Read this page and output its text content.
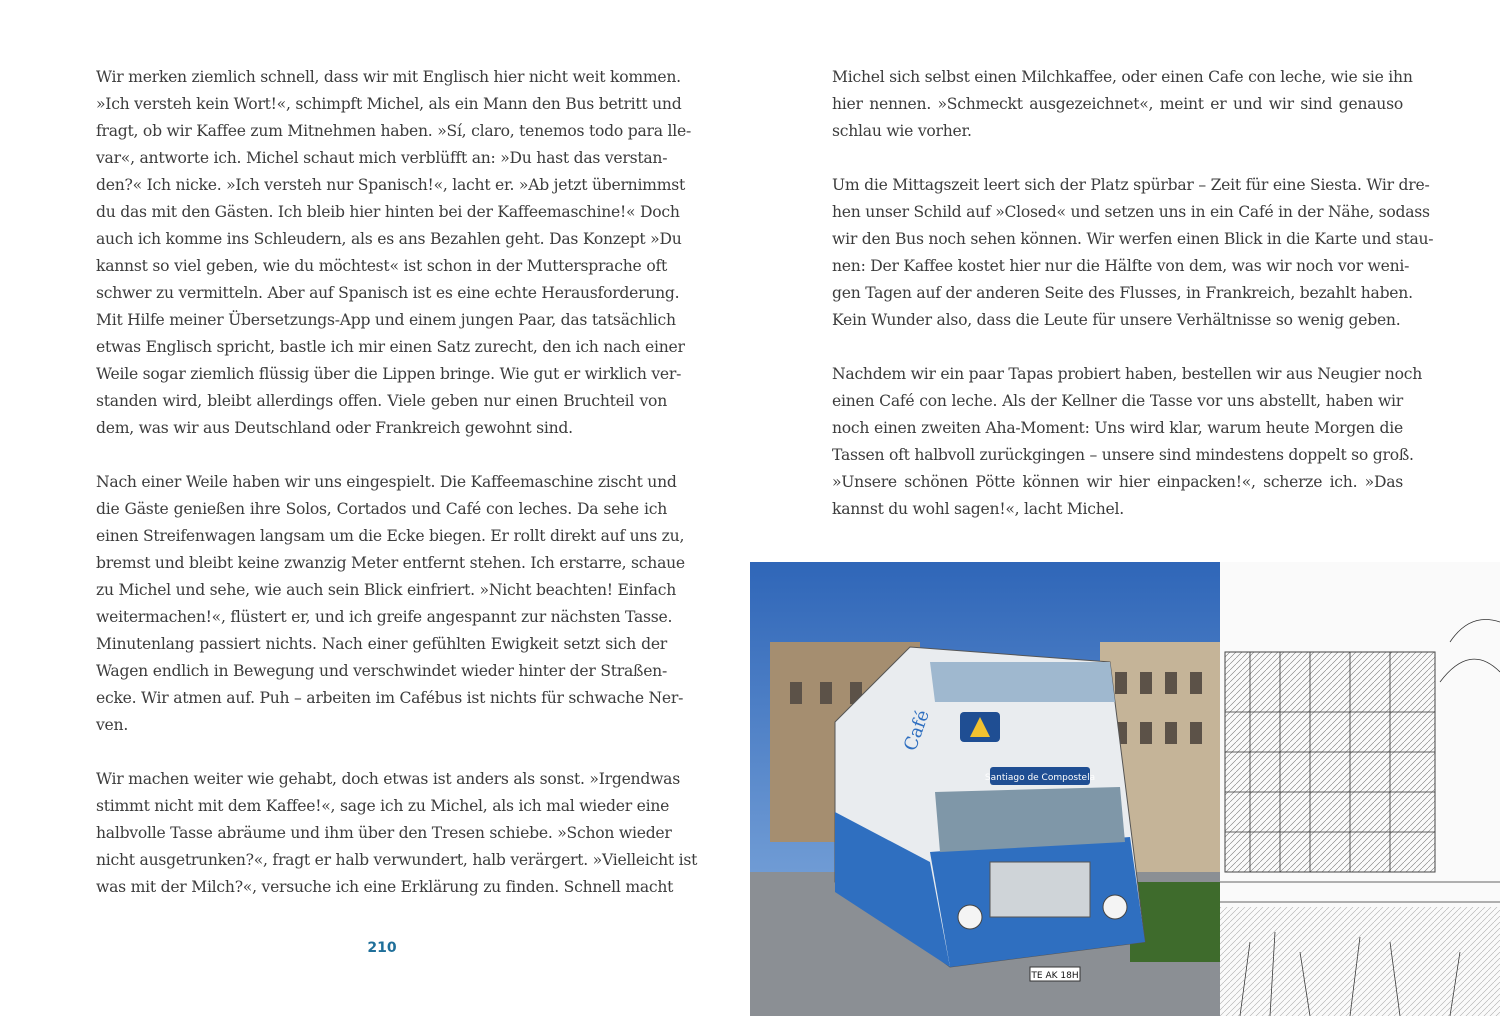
Wir merken ziemlich schnell, dass wir mit Englisch hier nicht weit kommen.
»Ich versteh kein Wort!«, schimpft Michel, als ein Mann den Bus betritt und
fragt, ob wir Kaffee zum Mitnehmen haben. »Sí, claro, tenemos todo para lle-
var«, antworte ich. Michel schaut mich verblüfft an: »Du hast das verstan-
den?« Ich nicke. »Ich versteh nur Spanisch!«, lacht er. »Ab jetzt übernimmst
du das mit den Gästen. Ich bleib hier hinten bei der Kaffeemaschine!« Doch
auch ich komme ins Schleudern, als es ans Bezahlen geht. Das Konzept »Du
kannst so viel geben, wie du möchtest« ist schon in der Muttersprache oft
schwer zu vermitteln. Aber auf Spanisch ist es eine echte Herausforderung.
Mit Hilfe meiner Übersetzungs-App und einem jungen Paar, das tatsächlich
etwas Englisch spricht, bastle ich mir einen Satz zurecht, den ich nach einer
Weile sogar ziemlich flüssig über die Lippen bringe. Wie gut er wirklich ver-
standen wird, bleibt allerdings offen. Viele geben nur einen Bruchteil von
dem, was wir aus Deutschland oder Frankreich gewohnt sind.
Nach einer Weile haben wir uns eingespielt. Die Kaffeemaschine zischt und
die Gäste genießen ihre Solos, Cortados und Café con leches. Da sehe ich
einen Streifenwagen langsam um die Ecke biegen. Er rollt direkt auf uns zu,
bremst und bleibt keine zwanzig Meter entfernt stehen. Ich erstarre, schaue
zu Michel und sehe, wie auch sein Blick einfriert. »Nicht beachten! Einfach
weitermachen!«, flüstert er, und ich greife angespannt zur nächsten Tasse.
Minutenlang passiert nichts. Nach einer gefühlten Ewigkeit setzt sich der
Wagen endlich in Bewegung und verschwindet wieder hinter der Straßen-
ecke. Wir atmen auf. Puh – arbeiten im Cafébus ist nichts für schwache Ner-
ven.
Wir machen weiter wie gehabt, doch etwas ist anders als sonst. »Irgendwas
stimmt nicht mit dem Kaffee!«, sage ich zu Michel, als ich mal wieder eine
halbvolle Tasse abräume und ihm über den Tresen schiebe. »Schon wieder
nicht ausgetrunken?«, fragt er halb verwundert, halb verärgert. »Vielleicht ist
was mit der Milch?«, versuche ich eine Erklärung zu finden. Schnell macht
210
Michel sich selbst einen Milchkaffee, oder einen Cafe con leche, wie sie ihn
hier nennen. »Schmeckt ausgezeichnet«, meint er und wir sind genauso
schlau wie vorher.
Um die Mittagszeit leert sich der Platz spürbar – Zeit für eine Siesta. Wir dre-
hen unser Schild auf »Closed« und setzen uns in ein Café in der Nähe, sodass
wir den Bus noch sehen können. Wir werfen einen Blick in die Karte und stau-
nen: Der Kaffee kostet hier nur die Hälfte von dem, was wir noch vor weni-
gen Tagen auf der anderen Seite des Flusses, in Frankreich, bezahlt haben.
Kein Wunder also, dass die Leute für unsere Verhältnisse so wenig geben.
Nachdem wir ein paar Tapas probiert haben, bestellen wir aus Neugier noch
einen Café con leche. Als der Kellner die Tasse vor uns abstellt, haben wir
noch einen zweiten Aha-Moment: Uns wird klar, warum heute Morgen die
Tassen oft halbvoll zurückgingen – unsere sind mindestens doppelt so groß.
»Unsere schönen Pötte können wir hier einpacken!«, scherze ich. »Das
kannst du wohl sagen!«, lacht Michel.
Santiago de Compostela
Café
TE AK 18H
